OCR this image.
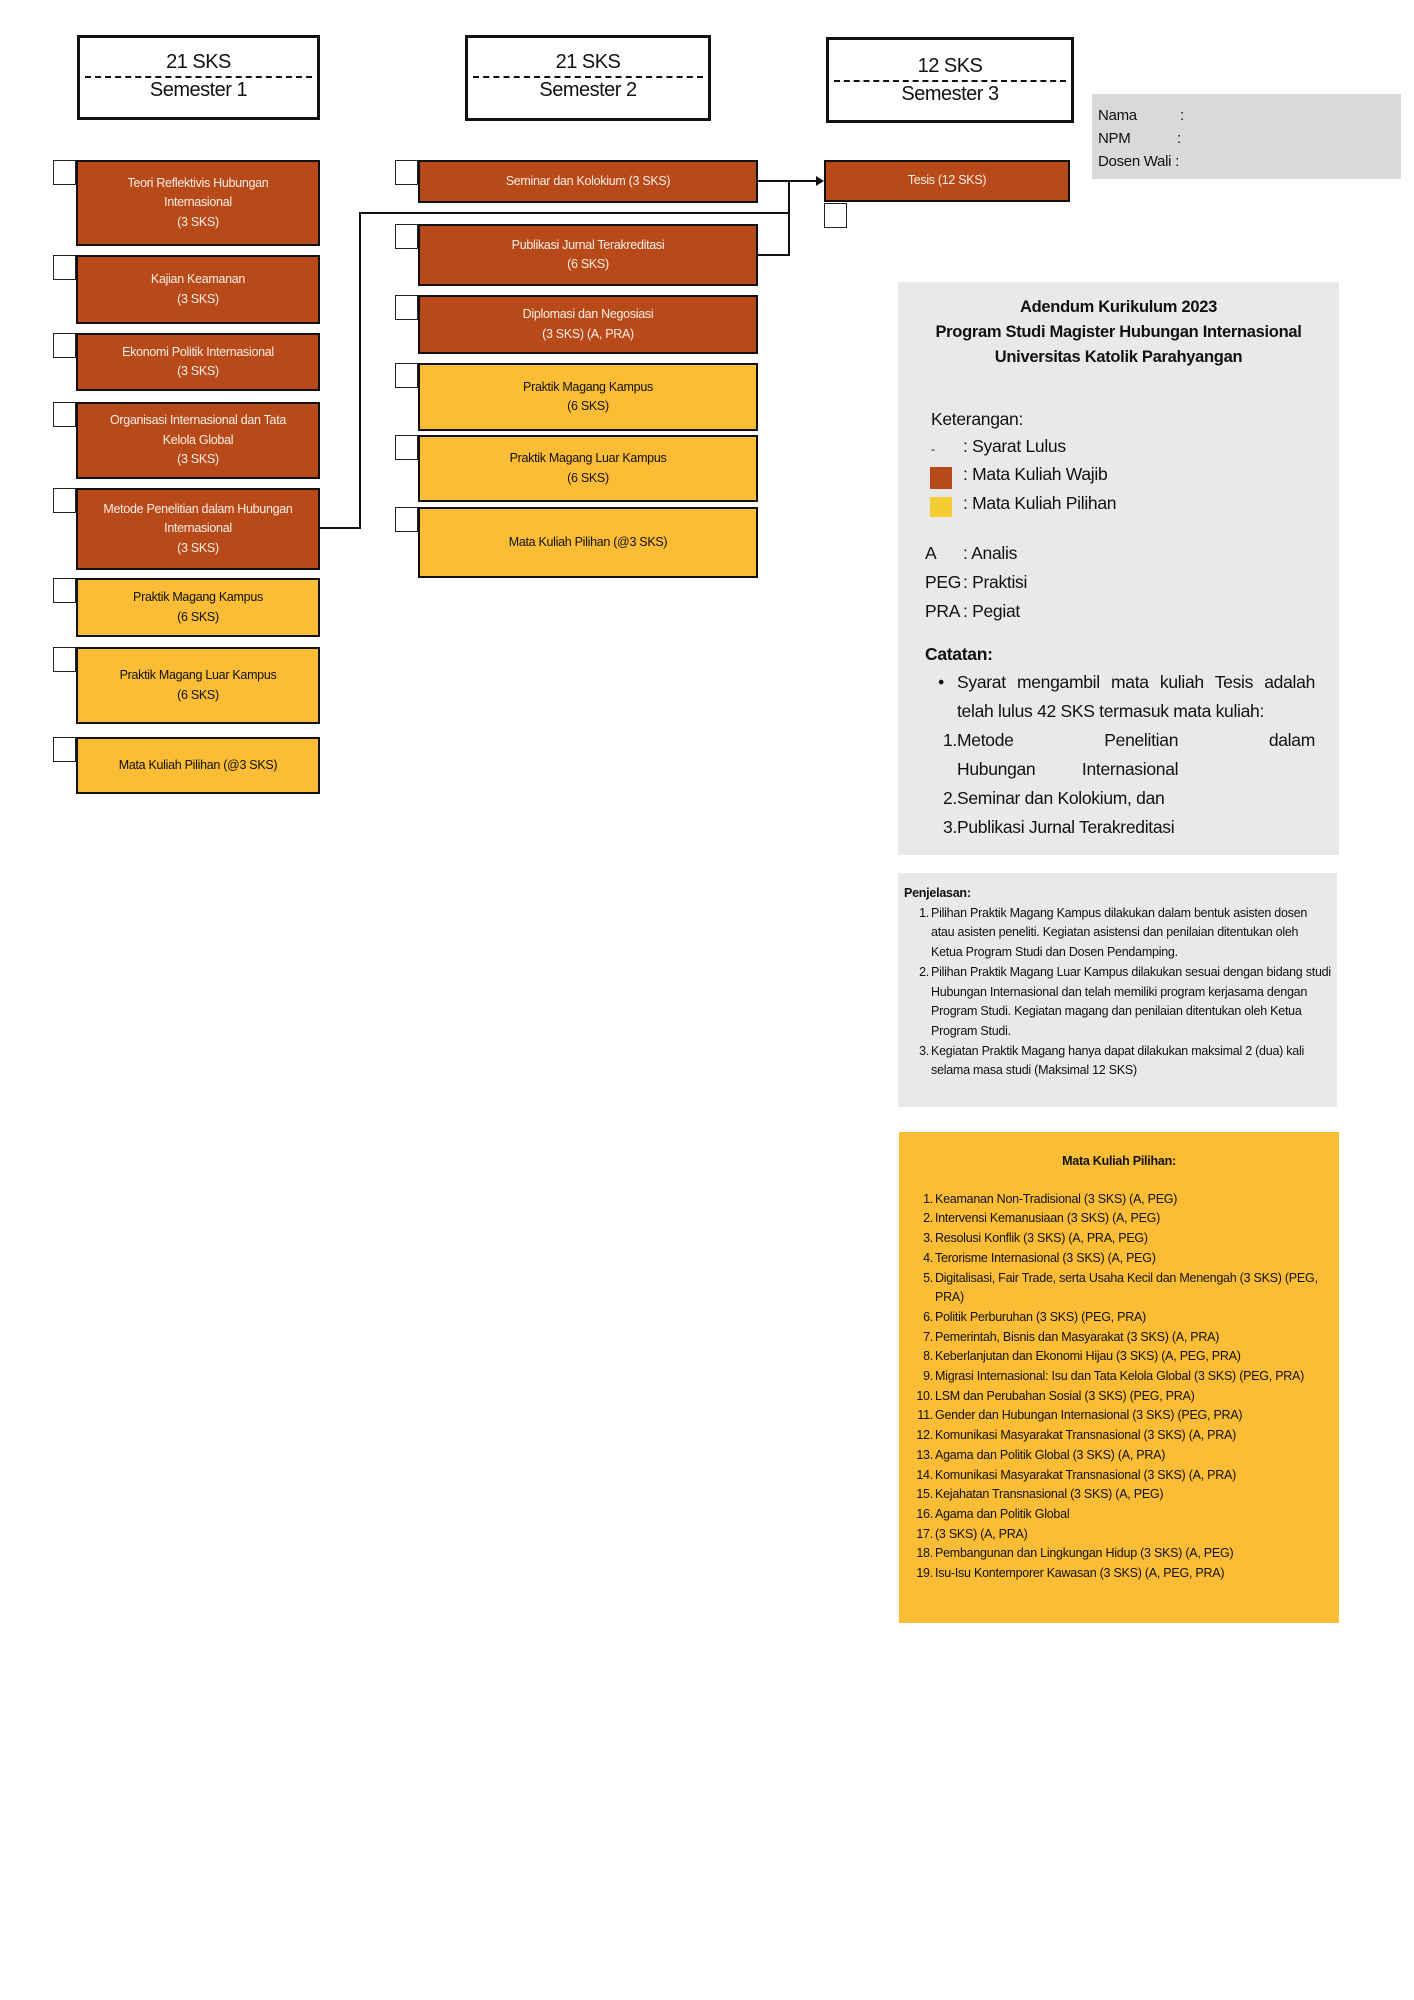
21 SKS
Semester 1
21 SKS
Semester 2
12 SKS
Semester 3
Nama	:
NPM	:
Dosen Wali :
Teori Reflektivis Hubungan
Internasional
(3 SKS)
Kajian Keamanan
(3 SKS)
Ekonomi Politik Internasional
(3 SKS)
Organisasi Internasional dan Tata
Kelola Global
(3 SKS)
Metode Penelitian dalam Hubungan
Internasional
(3 SKS)
Praktik Magang Kampus
(6 SKS)
Praktik Magang Luar Kampus
(6 SKS)
Mata Kuliah Pilihan (@3 SKS)
Seminar dan Kolokium (3 SKS)
Publikasi Jurnal Terakreditasi
(6 SKS)
Diplomasi dan Negosiasi
(3 SKS) (A, PRA)
Praktik Magang Kampus
(6 SKS)
Praktik Magang Luar Kampus
(6 SKS)
Mata Kuliah Pilihan (@3 SKS)
Tesis (12 SKS)
Adendum Kurikulum 2023
Program Studi Magister Hubungan Internasional
Universitas Katolik Parahyangan
Keterangan:
- : Syarat Lulus
: Mata Kuliah Wajib
: Mata Kuliah Pilihan
A : Analis
PEG : Praktisi
PRA : Pegiat
Catatan:
• Syarat mengambil mata kuliah Tesis adalah telah lulus 42 SKS termasuk mata kuliah:
1. Metode Penelitian dalam Hubungan Internasional
2. Seminar dan Kolokium, dan
3. Publikasi Jurnal Terakreditasi
Penjelasan:
1. Pilihan Praktik Magang Kampus dilakukan dalam bentuk asisten dosen atau asisten peneliti. Kegiatan asistensi dan penilaian ditentukan oleh Ketua Program Studi dan Dosen Pendamping.
2. Pilihan Praktik Magang Luar Kampus dilakukan sesuai dengan bidang studi Hubungan Internasional dan telah memiliki program kerjasama dengan Program Studi. Kegiatan magang dan penilaian ditentukan oleh Ketua Program Studi.
3. Kegiatan Praktik Magang hanya dapat dilakukan maksimal 2 (dua) kali selama masa studi (Maksimal 12 SKS)
Mata Kuliah Pilihan:
1. Keamanan Non-Tradisional (3 SKS) (A, PEG)
2. Intervensi Kemanusiaan (3 SKS) (A, PEG)
3. Resolusi Konflik (3 SKS) (A, PRA, PEG)
4. Terorisme Internasional (3 SKS) (A, PEG)
5. Digitalisasi, Fair Trade, serta Usaha Kecil dan Menengah (3 SKS) (PEG, PRA)
6. Politik Perburuhan (3 SKS) (PEG, PRA)
7. Pemerintah, Bisnis dan Masyarakat (3 SKS) (A, PRA)
8. Keberlanjutan dan Ekonomi Hijau (3 SKS) (A, PEG, PRA)
9. Migrasi Internasional: Isu dan Tata Kelola Global (3 SKS) (PEG, PRA)
10. LSM dan Perubahan Sosial (3 SKS) (PEG, PRA)
11. Gender dan Hubungan Internasional (3 SKS) (PEG, PRA)
12. Komunikasi Masyarakat Transnasional (3 SKS) (A, PRA)
13. Agama dan Politik Global (3 SKS) (A, PRA)
14. Komunikasi Masyarakat Transnasional (3 SKS) (A, PRA)
15. Kejahatan Transnasional (3 SKS) (A, PEG)
16. Agama dan Politik Global
17. (3 SKS) (A, PRA)
18. Pembangunan dan Lingkungan Hidup (3 SKS) (A, PEG)
19. Isu-Isu Kontemporer Kawasan (3 SKS) (A, PEG, PRA)
